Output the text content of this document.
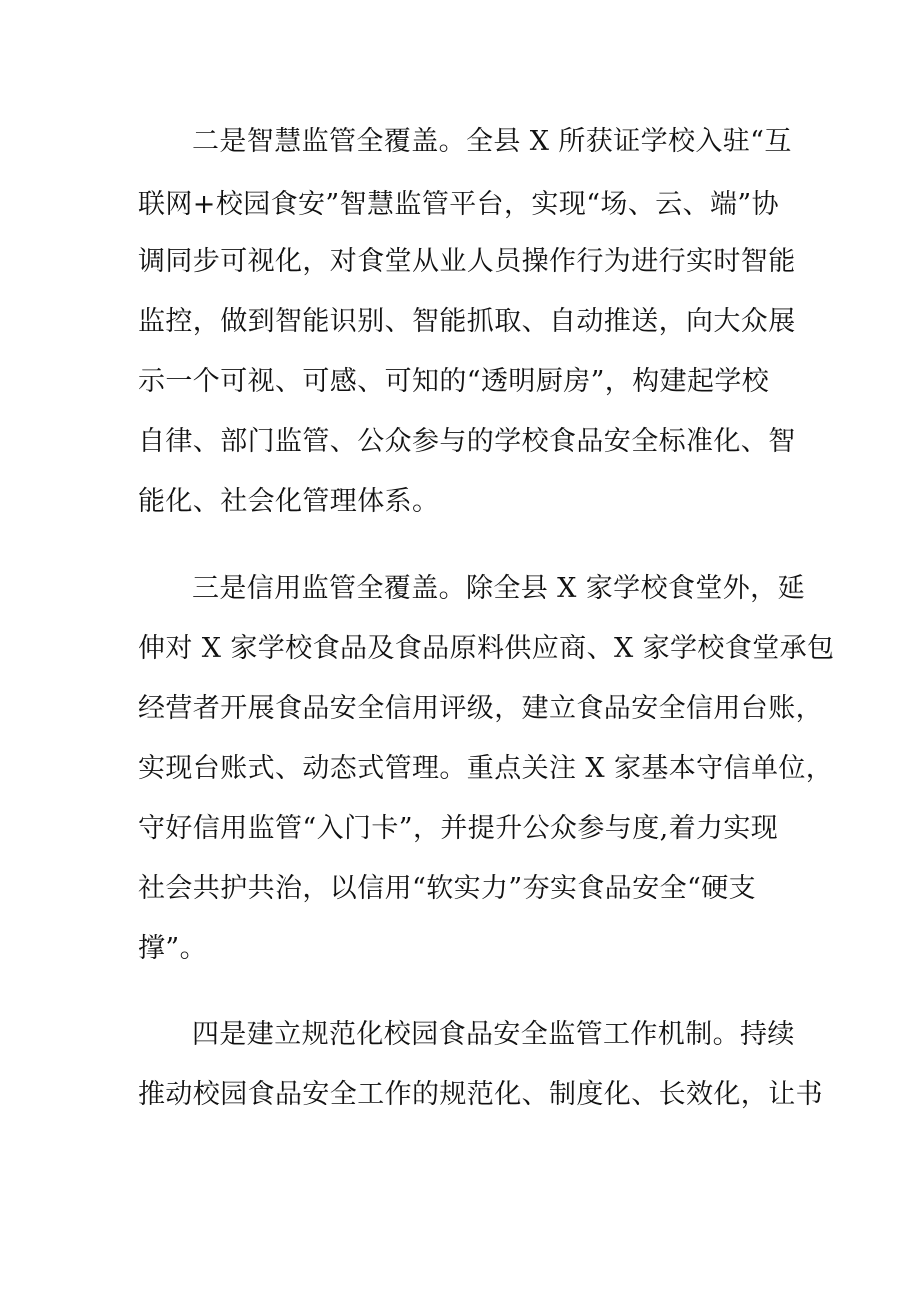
二是智慧监管全覆盖。全县 X 所获证学校入驻“互
联网+校园食安”智慧监管平台，实现“场、云、端”协
调同步可视化，对食堂从业人员操作行为进行实时智能
监控，做到智能识别、智能抓取、自动推送，向大众展
示一个可视、可感、可知的“透明厨房”，构建起学校
自律、部门监管、公众参与的学校食品安全标准化、智
能化、社会化管理体系。
三是信用监管全覆盖。除全县 X 家学校食堂外，延
伸对 X 家学校食品及食品原料供应商、X 家学校食堂承包
经营者开展食品安全信用评级，建立食品安全信用台账，
实现台账式、动态式管理。重点关注 X 家基本守信单位，
守好信用监管“入门卡”，并提升公众参与度,着力实现
社会共护共治，以信用“软实力”夯实食品安全“硬支
撑”。
四是建立规范化校园食品安全监管工作机制。持续
推动校园食品安全工作的规范化、制度化、长效化，让书
